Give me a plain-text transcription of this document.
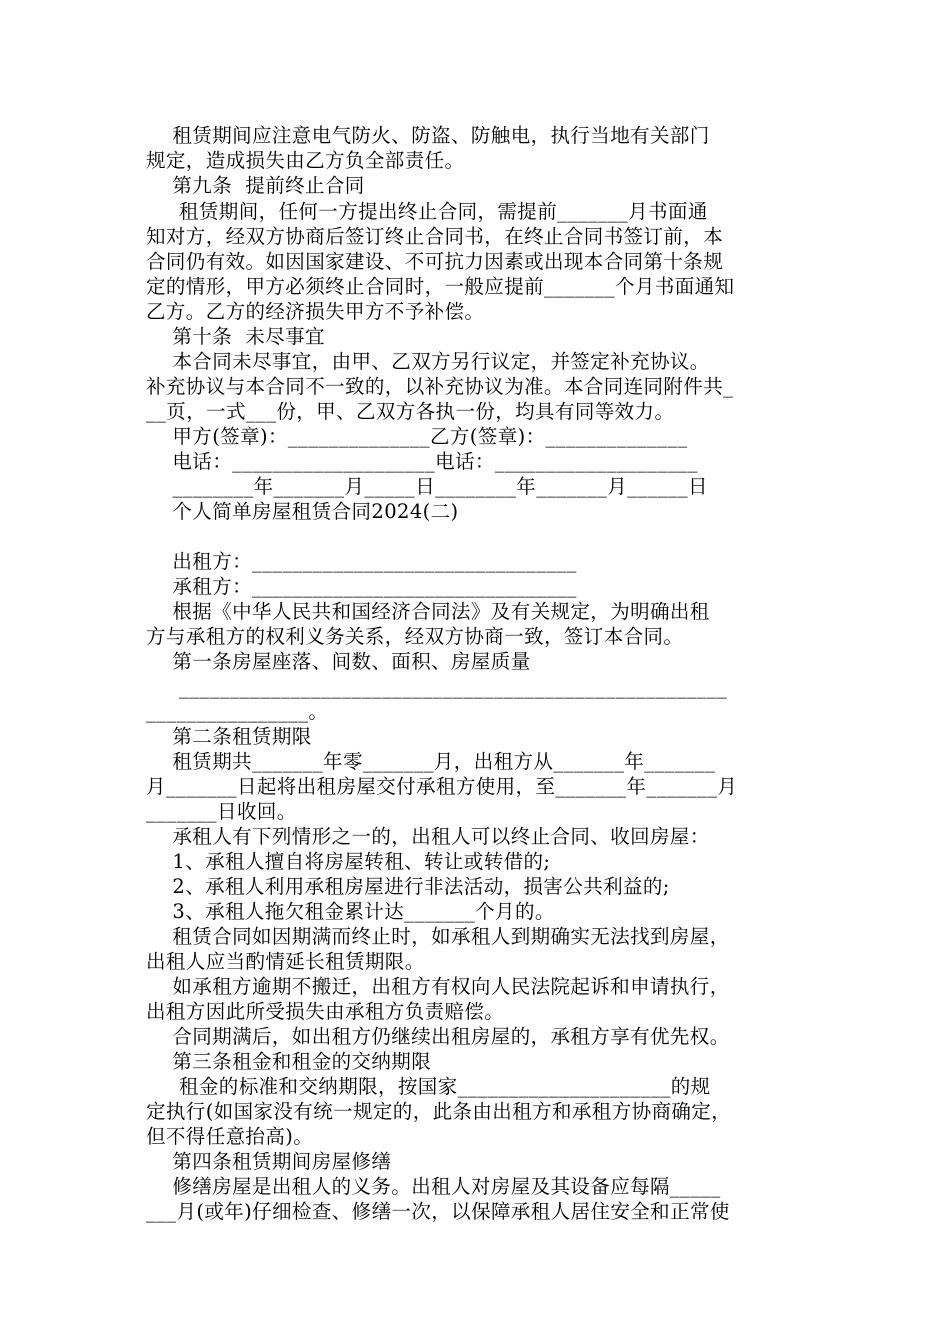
租赁期间应注意电气防火、防盗、防触电，执行当地有关部门
规定，造成损失由乙方负全部责任。
第九条  提前终止合同
租赁期间，任何一方提出终止合同，需提前_______月书面通
知对方，经双方协商后签订终止合同书，在终止合同书签订前，本
合同仍有效。如因国家建设、不可抗力因素或出现本合同第十条规
定的情形，甲方必须终止合同时，一般应提前_______个月书面通知
乙方。乙方的经济损失甲方不予补偿。
第十条  未尽事宜
本合同未尽事宜，由甲、乙双方另行议定，并签定补充协议。
补充协议与本合同不一致的，以补充协议为准。本合同连同附件共_
__页，一式___份，甲、乙双方各执一份，均具有同等效力。
甲方(签章)：______________乙方(签章)：______________
电话：____________________电话：____________________
________年_______月_____日________年_______月______日
个人简单房屋租赁合同2024(二)
出租方：________________________________
承租方：________________________________
根据《中华人民共和国经济合同法》及有关规定，为明确出租
方与承租方的权利义务关系，经双方协商一致，签订本合同。
第一条房屋座落、间数、面积、房屋质量
______________________________________________________
________________。
第二条租赁期限
租赁期共_______年零_______月，出租方从_______年_______
月_______日起将出租房屋交付承租方使用，至_______年_______月
_______日收回。
承租人有下列情形之一的，出租人可以终止合同、收回房屋：
1、承租人擅自将房屋转租、转让或转借的;
2、承租人利用承租房屋进行非法活动，损害公共利益的;
3、承租人拖欠租金累计达_______个月的。
租赁合同如因期满而终止时，如承租人到期确实无法找到房屋，
出租人应当酌情延长租赁期限。
如承租方逾期不搬迁，出租方有权向人民法院起诉和申请执行，
出租方因此所受损失由承租方负责赔偿。
合同期满后，如出租方仍继续出租房屋的，承租方享有优先权。
第三条租金和租金的交纳期限
租金的标准和交纳期限，按国家_____________________的规
定执行(如国家没有统一规定的，此条由出租方和承租方协商确定，
但不得任意抬高)。
第四条租赁期间房屋修缮
修缮房屋是出租人的义务。出租人对房屋及其设备应每隔_____
___月(或年)仔细检查、修缮一次，以保障承租人居住安全和正常使
